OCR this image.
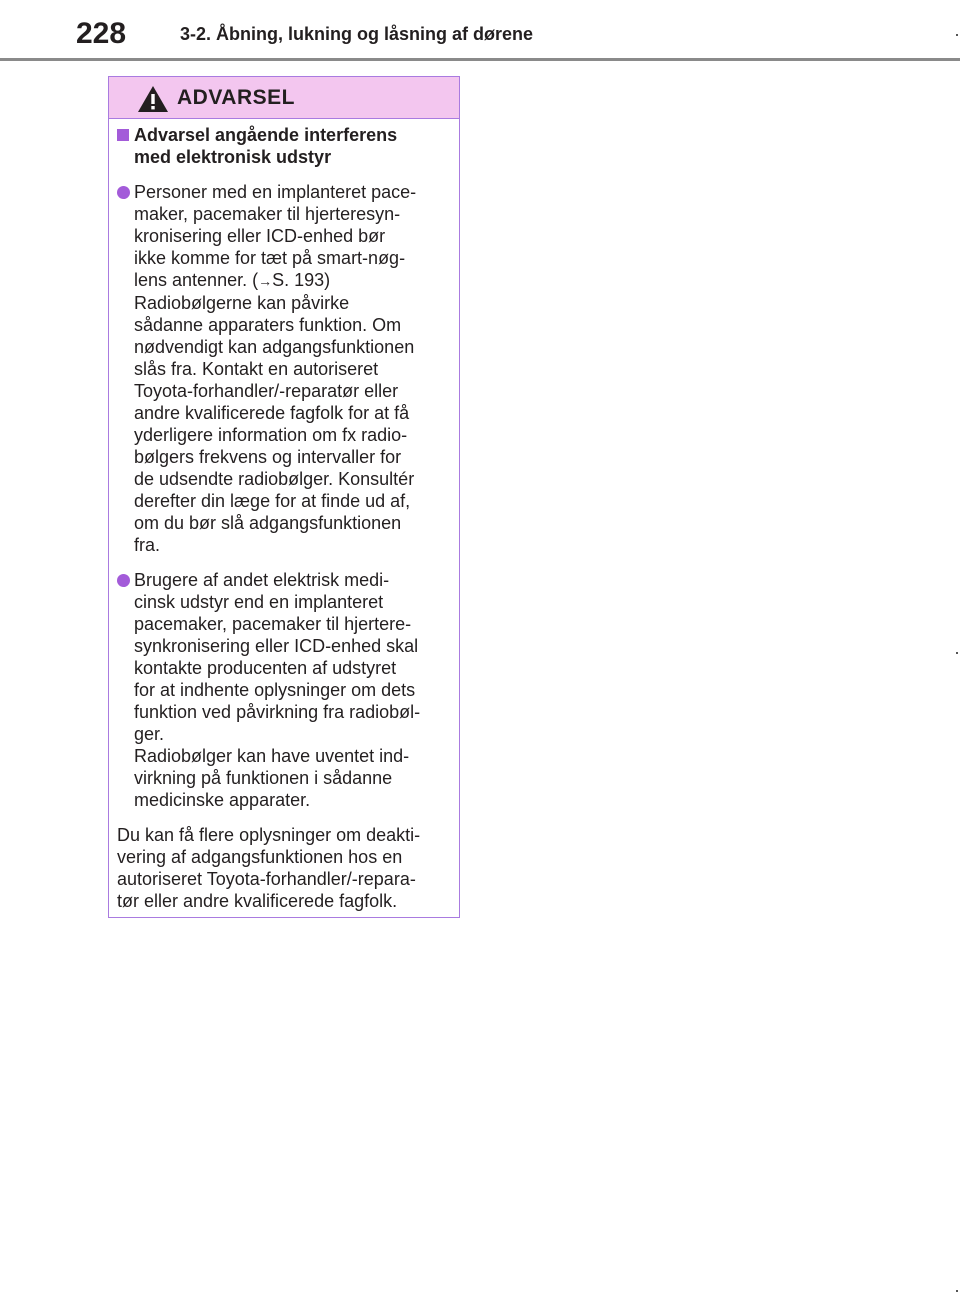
228	3-2. Åbning, lukning og låsning af dørene
ADVARSEL
Advarsel angående interferens
med elektronisk udstyr
Personer med en implanteret pace-
maker, pacemaker til hjerteresyn-
kronisering eller ICD-enhed bør
ikke komme for tæt på smart-nøg-
lens antenner. (→S. 193)
Radiobølgerne kan påvirke
sådanne apparaters funktion. Om
nødvendigt kan adgangsfunktionen
slås fra. Kontakt en autoriseret
Toyota-forhandler/-reparatør eller
andre kvalificerede fagfolk for at få
yderligere information om fx radio-
bølgers frekvens og intervaller for
de udsendte radiobølger. Konsultér
derefter din læge for at finde ud af,
om du bør slå adgangsfunktionen
fra.
Brugere af andet elektrisk medi-
cinsk udstyr end en implanteret
pacemaker, pacemaker til hjertere-
synkronisering eller ICD-enhed skal
kontakte producenten af udstyret
for at indhente oplysninger om dets
funktion ved påvirkning fra radiobøl-
ger.
Radiobølger kan have uventet ind-
virkning på funktionen i sådanne
medicinske apparater.
Du kan få flere oplysninger om deakti-
vering af adgangsfunktionen hos en
autoriseret Toyota-forhandler/-repara-
tør eller andre kvalificerede fagfolk.
